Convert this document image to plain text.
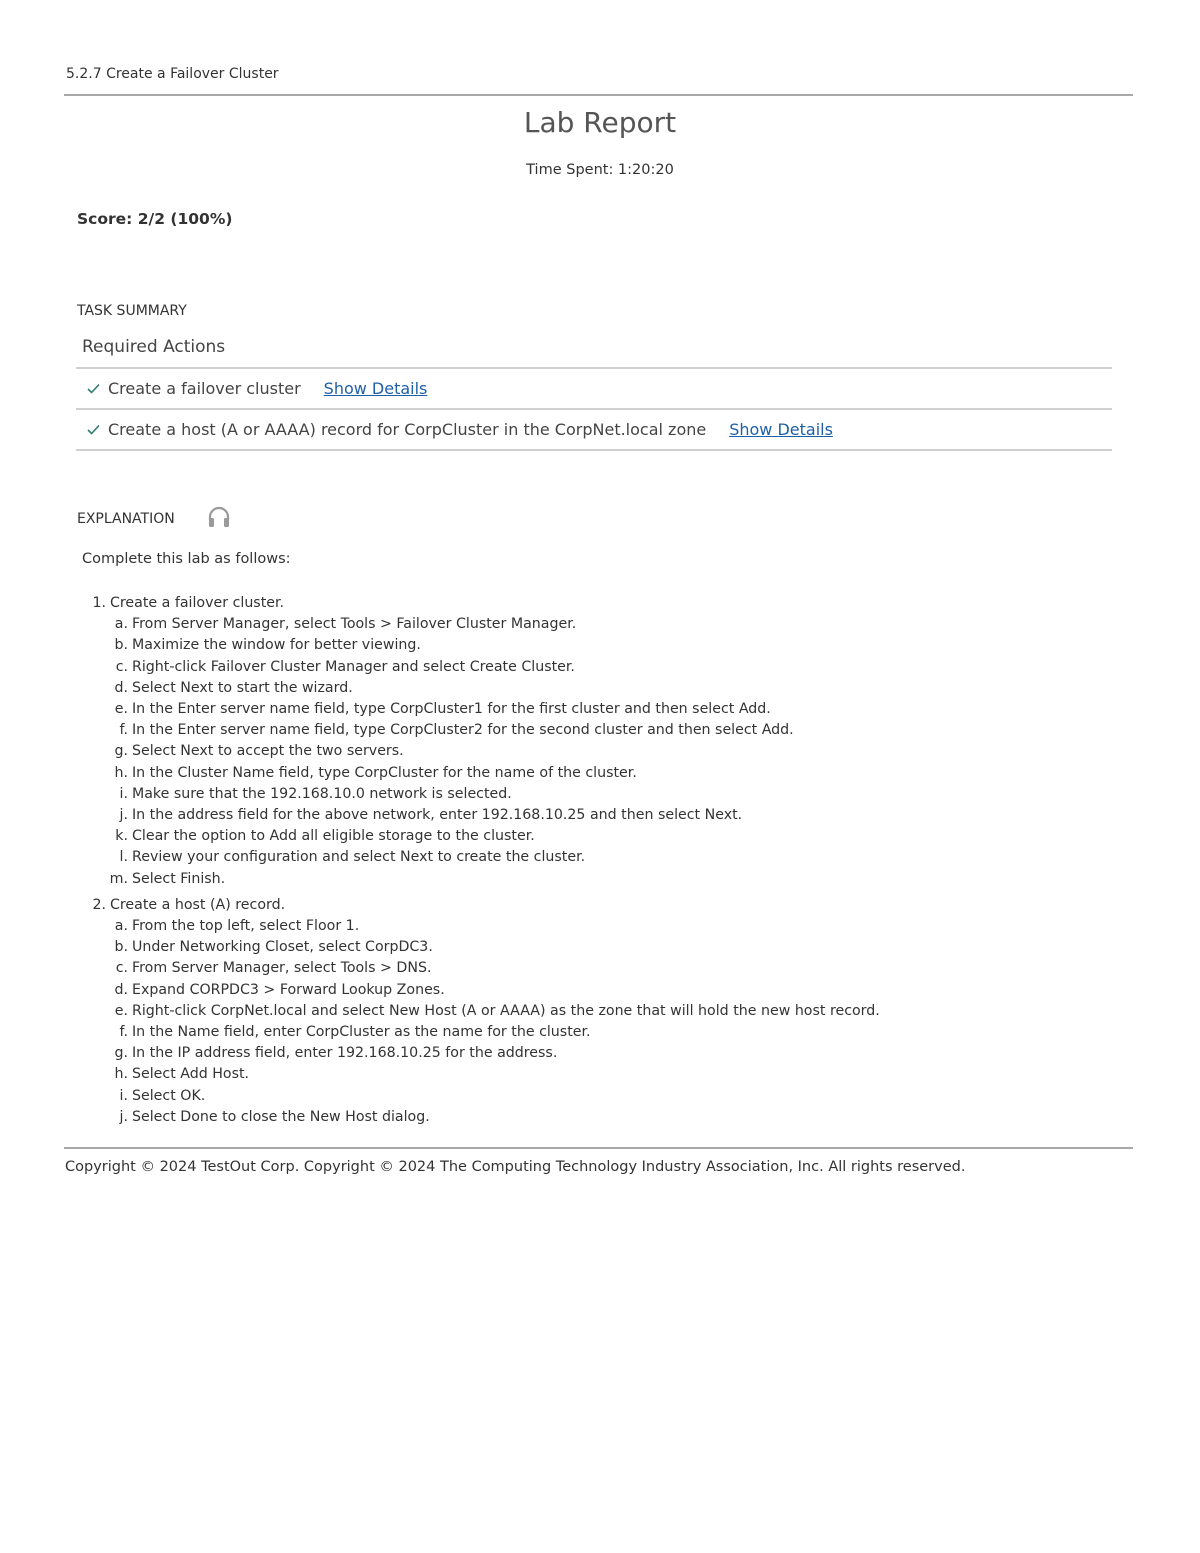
5.2.7 Create a Failover Cluster
Lab Report
Time Spent: 1:20:20
Score: 2/2 (100%)
TASK SUMMARY
Required Actions
Create a failover cluster Show Details
Create a host (A or AAAA) record for CorpCluster in the CorpNet.local zone Show Details
EXPLANATION
Complete this lab as follows:
1. Create a failover cluster.
a. From Server Manager, select Tools > Failover Cluster Manager.
b. Maximize the window for better viewing.
c. Right-click Failover Cluster Manager and select Create Cluster.
d. Select Next to start the wizard.
e. In the Enter server name field, type CorpCluster1 for the first cluster and then select Add.
f. In the Enter server name field, type CorpCluster2 for the second cluster and then select Add.
g. Select Next to accept the two servers.
h. In the Cluster Name field, type CorpCluster for the name of the cluster.
i. Make sure that the 192.168.10.0 network is selected.
j. In the address field for the above network, enter 192.168.10.25 and then select Next.
k. Clear the option to Add all eligible storage to the cluster.
l. Review your configuration and select Next to create the cluster.
m. Select Finish.
2. Create a host (A) record.
a. From the top left, select Floor 1.
b. Under Networking Closet, select CorpDC3.
c. From Server Manager, select Tools > DNS.
d. Expand CORPDC3 > Forward Lookup Zones.
e. Right-click CorpNet.local and select New Host (A or AAAA) as the zone that will hold the new host record.
f. In the Name field, enter CorpCluster as the name for the cluster.
g. In the IP address field, enter 192.168.10.25 for the address.
h. Select Add Host.
i. Select OK.
j. Select Done to close the New Host dialog.
Copyright © 2024 TestOut Corp. Copyright © 2024 The Computing Technology Industry Association, Inc. All rights reserved.
